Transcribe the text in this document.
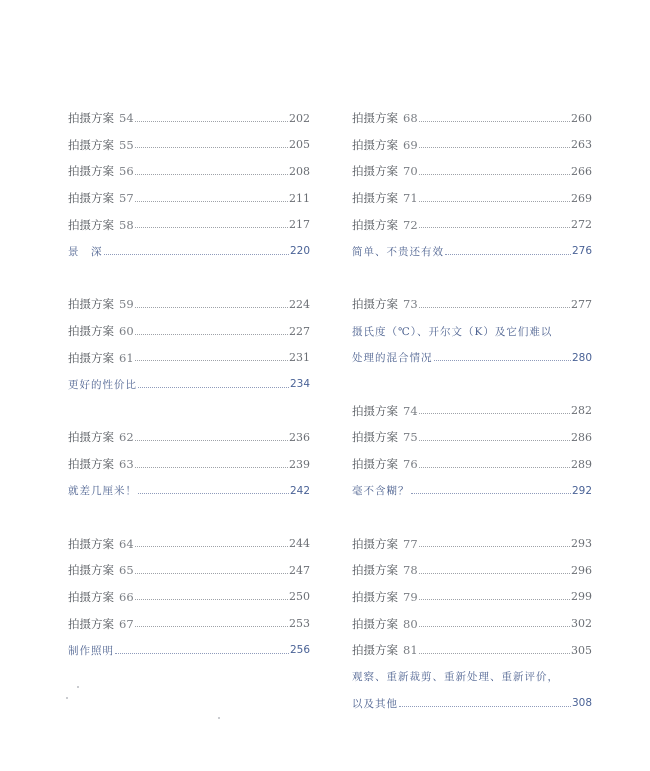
拍摄方案 54	202
拍摄方案 55	205
拍摄方案 56	208
拍摄方案 57	211
拍摄方案 58	217
景　深	220
拍摄方案 59	224
拍摄方案 60	227
拍摄方案 61	231
更好的性价比	234
拍摄方案 62	236
拍摄方案 63	239
就差几厘米！	242
拍摄方案 64	244
拍摄方案 65	247
拍摄方案 66	250
拍摄方案 67	253
制作照明	256
拍摄方案 68	260
拍摄方案 69	263
拍摄方案 70	266
拍摄方案 71	269
拍摄方案 72	272
简单、不贵还有效	276
拍摄方案 73	277
摄氏度（℃）、开尔文（K）及它们难以
处理的混合情况	280
拍摄方案 74	282
拍摄方案 75	286
拍摄方案 76	289
毫不含糊？	292
拍摄方案 77	293
拍摄方案 78	296
拍摄方案 79	299
拍摄方案 80	302
拍摄方案 81	305
观察、重新裁剪、重新处理、重新评价，
以及其他	308
